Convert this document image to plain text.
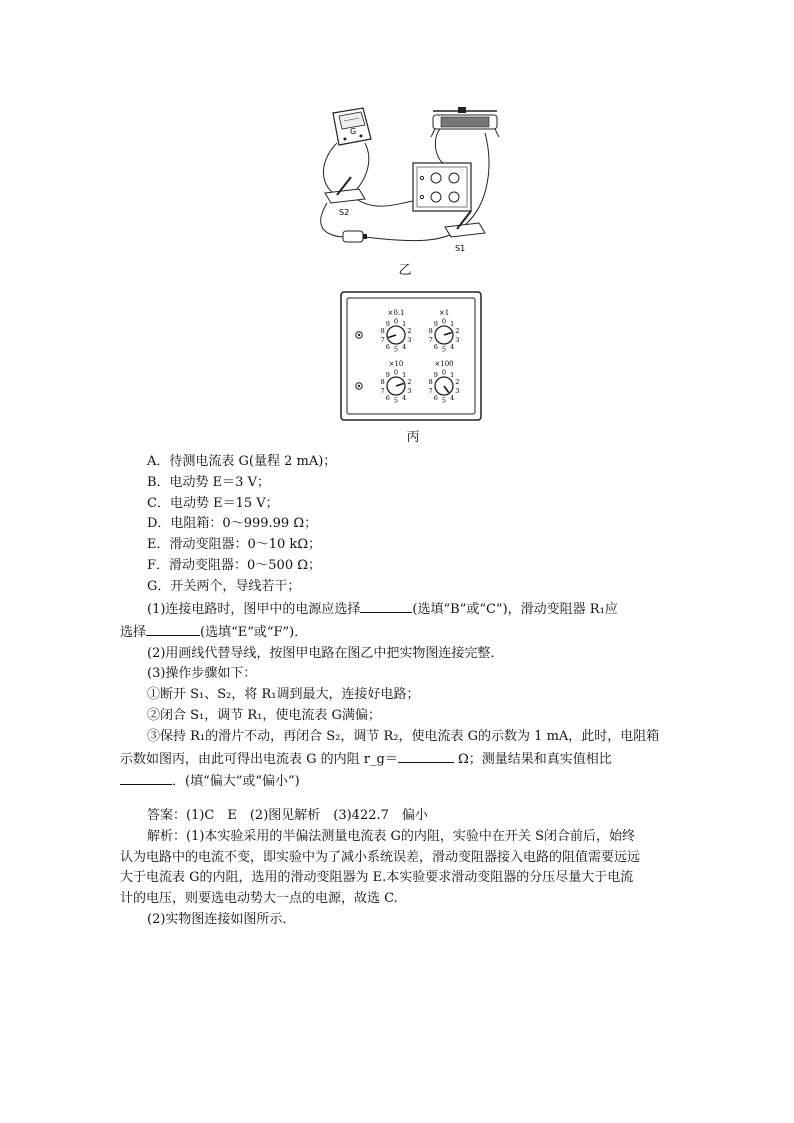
G
S2
S1
乙
×0.1
0 1
2
3
4
5
6
7
8
9
×1
0 1
2
3
4
5
6
7
8
9
×10
0 1
2
3
4
5
6
7
8
9
×100
0 1
2
3
4
5
6
7
8
9
丙
A．待测电流表 G(量程 2 mA)；
B．电动势 E＝3 V；
C．电动势 E＝15 V；
D．电阻箱：0～999.99 Ω；
E．滑动变阻器：0～10 kΩ；
F．滑动变阻器：0～500 Ω；
G．开关两个，导线若干；
(1)连接电路时，图甲中的电源应选择	(选填“B”或“C”)，滑动变阻器 R₁应
选择	(选填“E”或“F”)．
(2)用画线代替导线，按图甲电路在图乙中把实物图连接完整．
(3)操作步骤如下：
①断开 S₁、S₂，将 R₁调到最大，连接好电路；
②闭合 S₁，调节 R₁，使电流表 G满偏；
③保持 R₁的滑片不动，再闭合 S₂，调节 R₂，使电流表 G的示数为 1 mA，此时，电阻箱
示数如图丙，由此可得出电流表 G 的内阻 r_g＝	Ω；测量结果和真实值相比
．(填“偏大”或“偏小”)
答案：(1)C　E　(2)图见解析　(3)422.7　偏小
解析：(1)本实验采用的半偏法测量电流表 G的内阻，实验中在开关 S闭合前后，始终
认为电路中的电流不变，即实验中为了减小系统误差，滑动变阻器接入电路的阻值需要远远
大于电流表 G的内阻，选用的滑动变阻器为 E.本实验要求滑动变阻器的分压尽量大于电流
计的电压，则要选电动势大一点的电源，故选 C.
(2)实物图连接如图所示．
